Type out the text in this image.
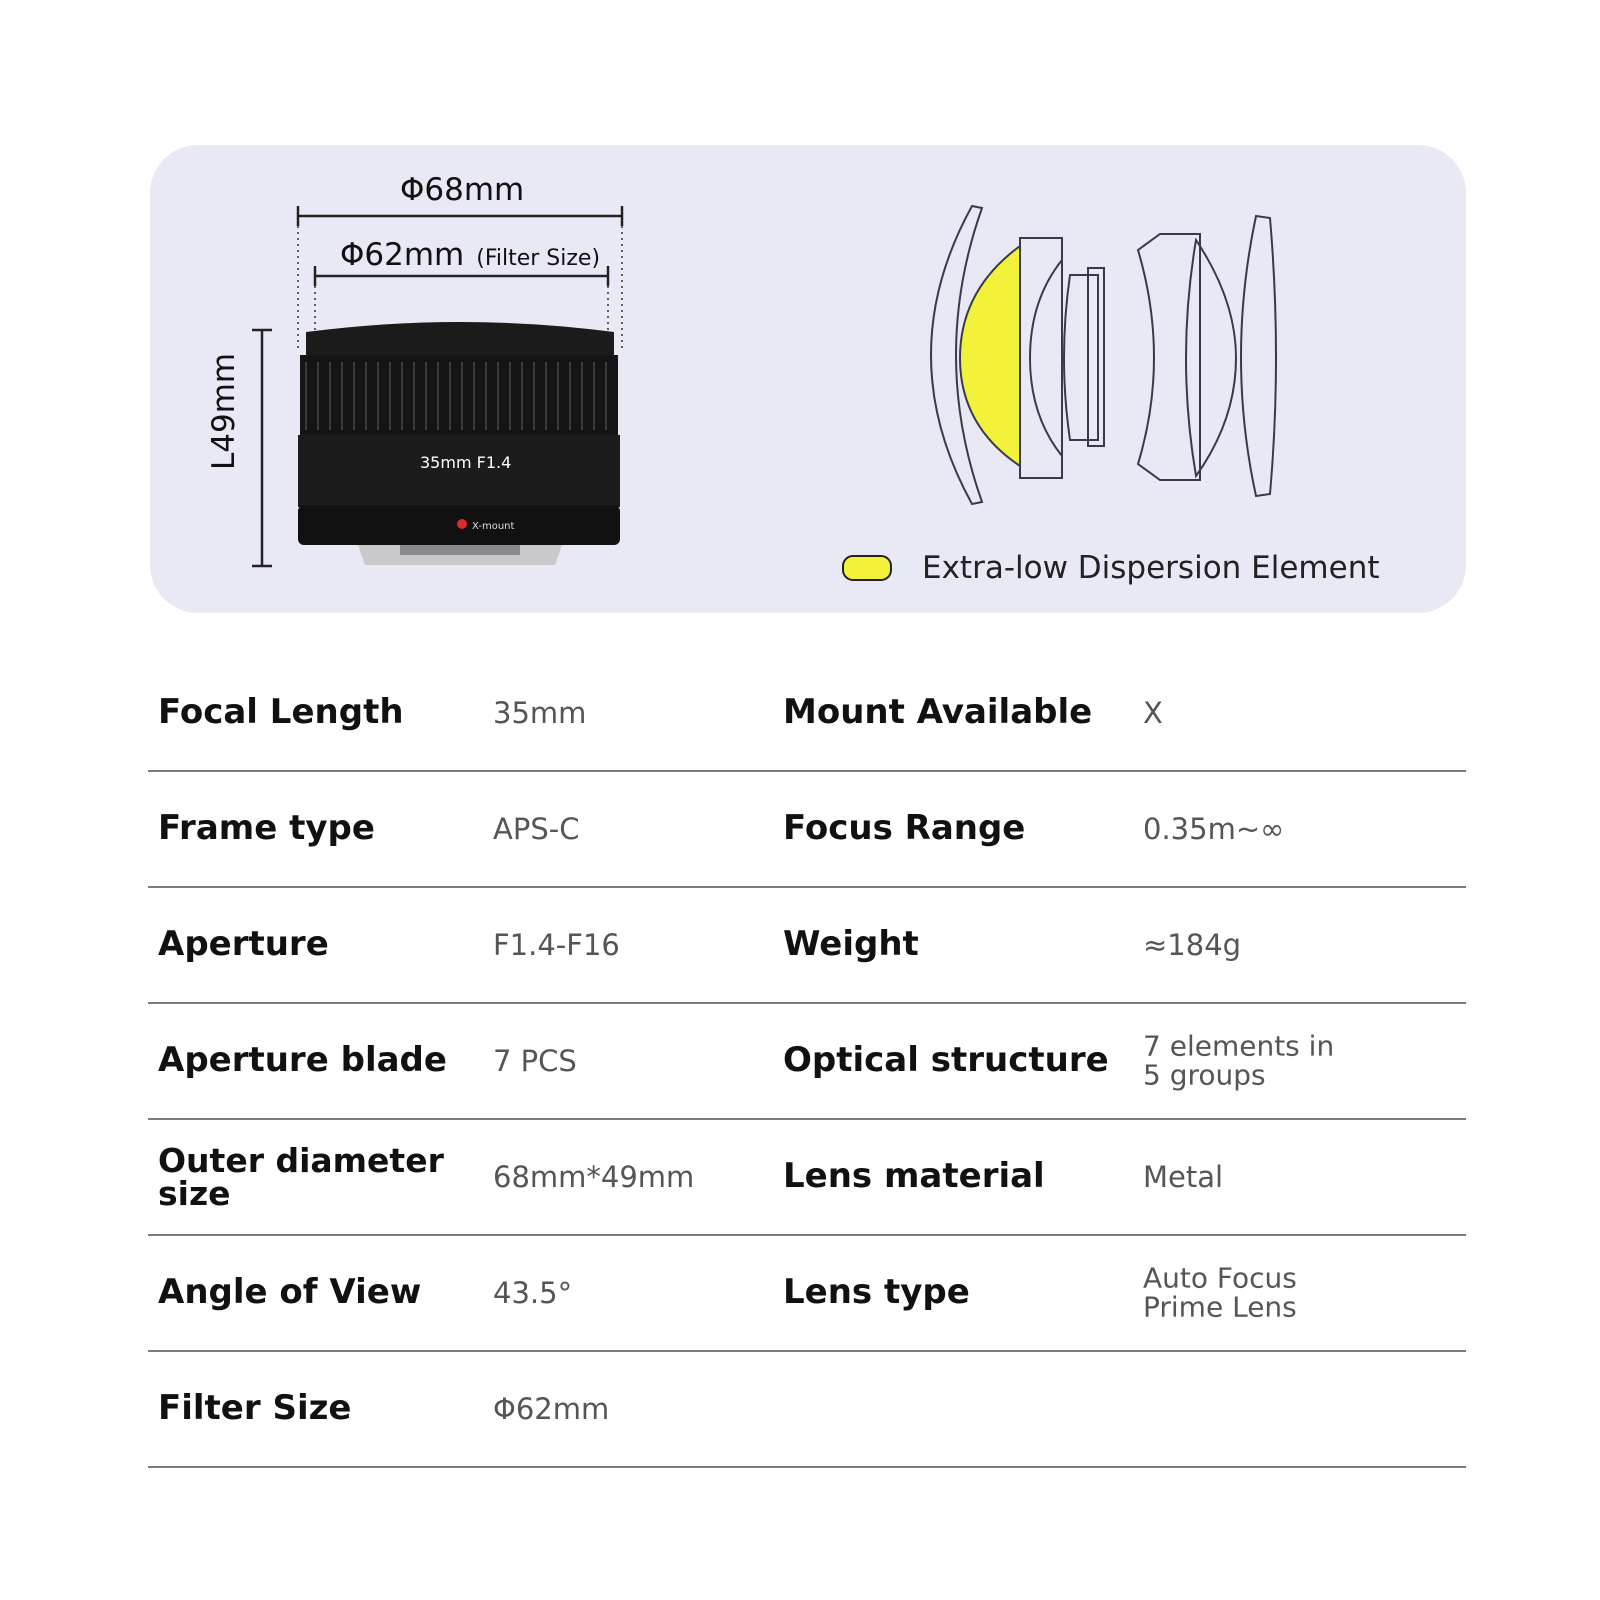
35mm F1.4
X-mount
Φ68mm
Φ62mm (Filter Size)
L49mm
Extra-low Dispersion Element
Focal Length	35mm	Mount Available X
Frame type	APS-C	Focus Range	0.35m~∞
Aperture	F1.4-F16	Weight	≈184g
Aperture blade	7 PCS	Optical structure 7 elements in
5 groups
Outer diameter
size	68mm*49mm	Lens material	Metal
Angle of View	43.5°	Lens type	Auto Focus
Prime Lens
Filter Size	Φ62mm
